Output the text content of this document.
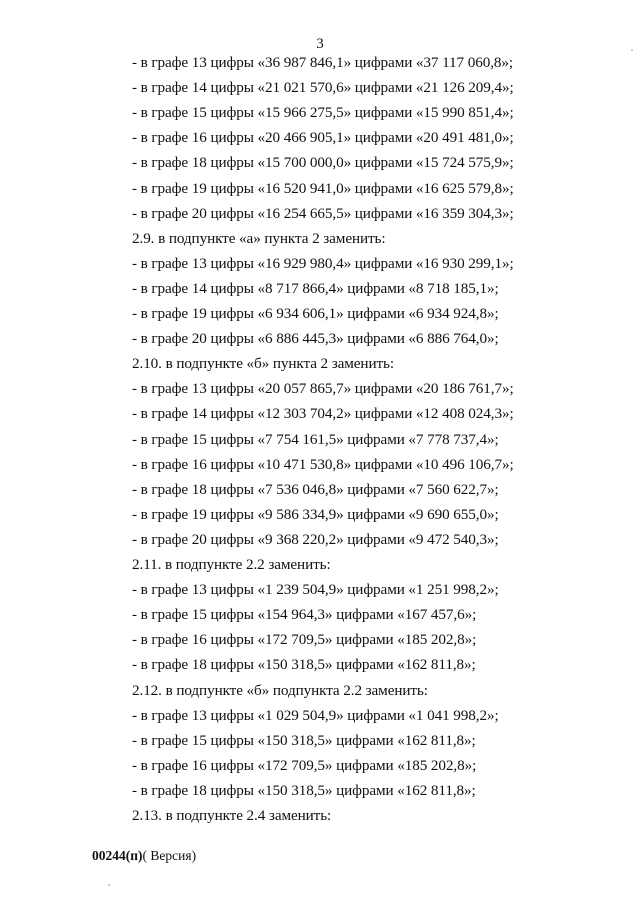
3
- в графе 13 цифры «36 987 846,1» цифрами «37 117 060,8»;
- в графе 14 цифры «21 021 570,6» цифрами «21 126 209,4»;
- в графе 15 цифры «15 966 275,5» цифрами «15 990 851,4»;
- в графе 16 цифры «20 466 905,1» цифрами «20 491 481,0»;
- в графе 18 цифры «15 700 000,0» цифрами «15 724 575,9»;
- в графе 19 цифры «16 520 941,0» цифрами «16 625 579,8»;
- в графе 20 цифры «16 254 665,5» цифрами «16 359 304,3»;
2.9. в подпункте «а» пункта 2 заменить:
- в графе 13 цифры «16 929 980,4» цифрами «16 930 299,1»;
- в графе 14 цифры «8 717 866,4» цифрами «8 718 185,1»;
- в графе 19 цифры «6 934 606,1» цифрами «6 934 924,8»;
- в графе 20 цифры «6 886 445,3» цифрами «6 886 764,0»;
2.10. в подпункте «б» пункта 2 заменить:
- в графе 13 цифры «20 057 865,7» цифрами «20 186 761,7»;
- в графе 14 цифры «12 303 704,2» цифрами «12 408 024,3»;
- в графе 15 цифры «7 754 161,5» цифрами «7 778 737,4»;
- в графе 16 цифры «10 471 530,8» цифрами «10 496 106,7»;
- в графе 18 цифры «7 536 046,8» цифрами «7 560 622,7»;
- в графе 19 цифры «9 586 334,9» цифрами «9 690 655,0»;
- в графе 20 цифры «9 368 220,2» цифрами «9 472 540,3»;
2.11. в подпункте 2.2 заменить:
- в графе 13 цифры «1 239 504,9» цифрами «1 251 998,2»;
- в графе 15 цифры «154 964,3» цифрами «167 457,6»;
- в графе 16 цифры «172 709,5» цифрами «185 202,8»;
- в графе 18 цифры «150 318,5» цифрами «162 811,8»;
2.12. в подпункте «б» подпункта 2.2 заменить:
- в графе 13 цифры «1 029 504,9» цифрами «1 041 998,2»;
- в графе 15 цифры «150 318,5» цифрами «162 811,8»;
- в графе 16 цифры «172 709,5» цифрами «185 202,8»;
- в графе 18 цифры «150 318,5» цифрами «162 811,8»;
2.13. в подпункте 2.4 заменить:
00244(п)( Версия)
